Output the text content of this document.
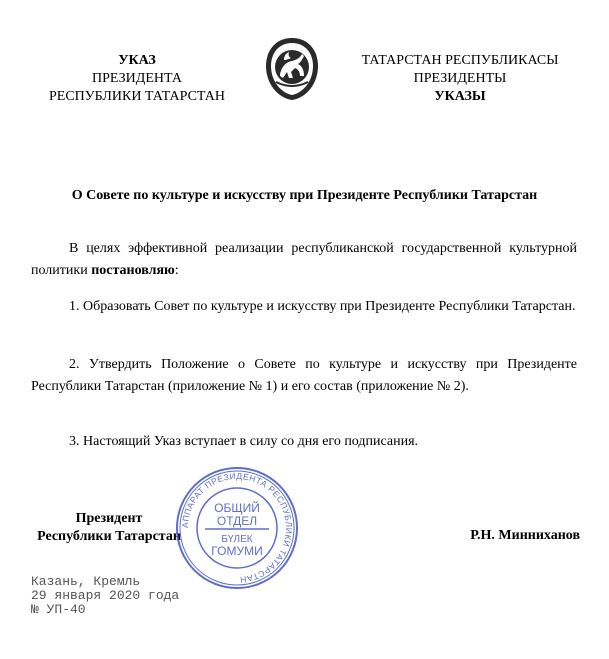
УКАЗ
ПРЕЗИДЕНТА
РЕСПУБЛИКИ ТАТАРСТАН
ТАТАРСТАН РЕСПУБЛИКАСЫ
ПРЕЗИДЕНТЫ
УКАЗЫ
О Совете по культуре и искусству при Президенте Республики Татарстан
В целях эффективной реализации республиканской государственной культурной политики постановляю:
1. Образовать Совет по культуре и искусству при Президенте Республики Татарстан.
2. Утвердить Положение о Совете по культуре и искусству при Президенте Республики Татарстан (приложение № 1) и его состав (приложение № 2).
3. Настоящий Указ вступает в силу со дня его подписания.
Президент
Республики Татарстан	Р.Н. Минниханов
АППАРАТ ПРЕЗИДЕНТА РЕСПУБЛИКИ ТАТАРСТАН
ОБЩИЙ
ОТДЕЛ
БҮЛЕК
ГОМУМИ
Казань, Кремль
29 января 2020 года
№ УП-40
